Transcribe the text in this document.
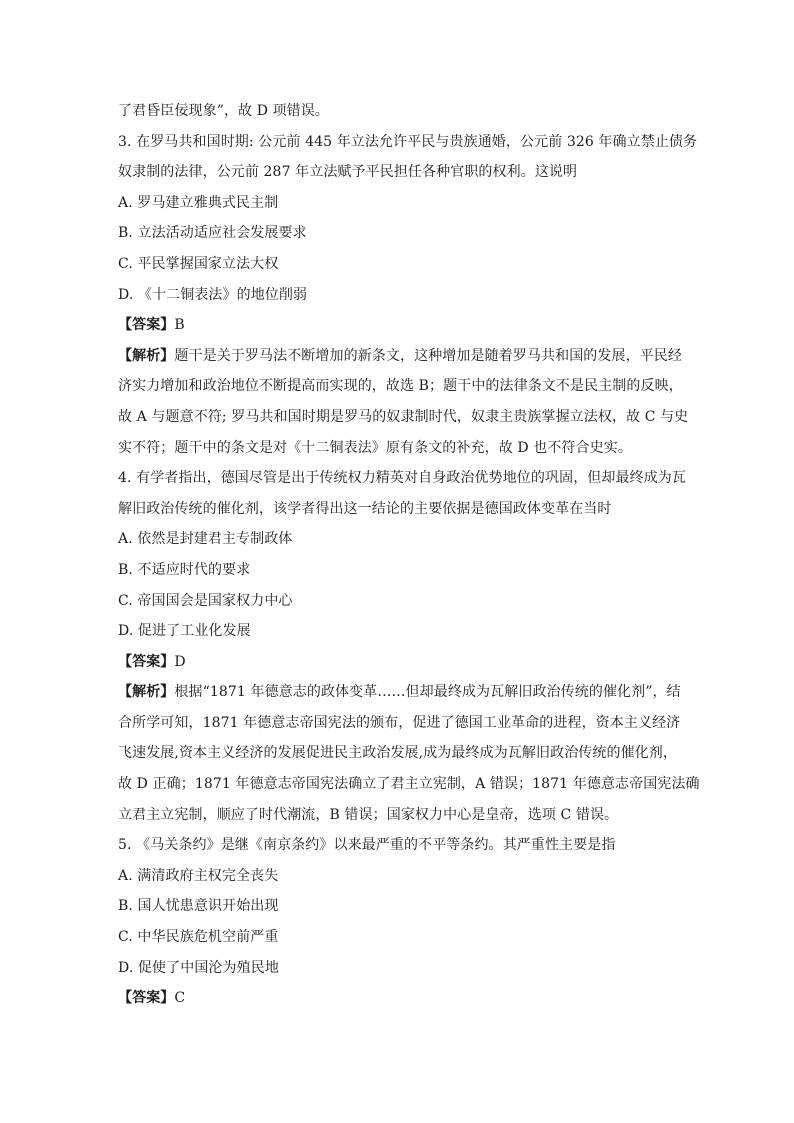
了君昏臣佞现象”，故 D 项错误。
3. 在罗马共和国时期: 公元前 445 年立法允许平民与贵族通婚，公元前 326 年确立禁止债务
奴隶制的法律，公元前 287 年立法赋予平民担任各种官职的权利。这说明
A. 罗马建立雅典式民主制
B. 立法活动适应社会发展要求
C. 平民掌握国家立法大权
D. 《十二铜表法》的地位削弱
【答案】B
【解析】题干是关于罗马法不断增加的新条文，这种增加是随着罗马共和国的发展，平民经
济实力增加和政治地位不断提高而实现的，故选 B；题干中的法律条文不是民主制的反映，
故 A 与题意不符; 罗马共和国时期是罗马的奴隶制时代，奴隶主贵族掌握立法权，故 C 与史
实不符；题干中的条文是对《十二铜表法》原有条文的补充，故 D 也不符合史实。
4. 有学者指出，德国尽管是出于传统权力精英对自身政治优势地位的巩固，但却最终成为瓦
解旧政治传统的催化剂，该学者得出这一结论的主要依据是德国政体变革在当时
A. 依然是封建君主专制政体
B. 不适应时代的要求
C. 帝国国会是国家权力中心
D. 促进了工业化发展
【答案】D
【解析】根据“1871 年德意志的政体变革……但却最终成为瓦解旧政治传统的催化剂”，结
合所学可知，1871 年德意志帝国宪法的颁布，促进了德国工业革命的进程，资本主义经济
飞速发展,资本主义经济的发展促进民主政治发展,成为最终成为瓦解旧政治传统的催化剂，
故 D 正确；1871 年德意志帝国宪法确立了君主立宪制，A 错误；1871 年德意志帝国宪法确
立君主立宪制，顺应了时代潮流，B 错误；国家权力中心是皇帝，选项 C 错误。
5. 《马关条约》是继《南京条约》以来最严重的不平等条约。其严重性主要是指
A. 满清政府主权完全丧失
B. 国人忧患意识开始出现
C. 中华民族危机空前严重
D. 促使了中国沦为殖民地
【答案】C
